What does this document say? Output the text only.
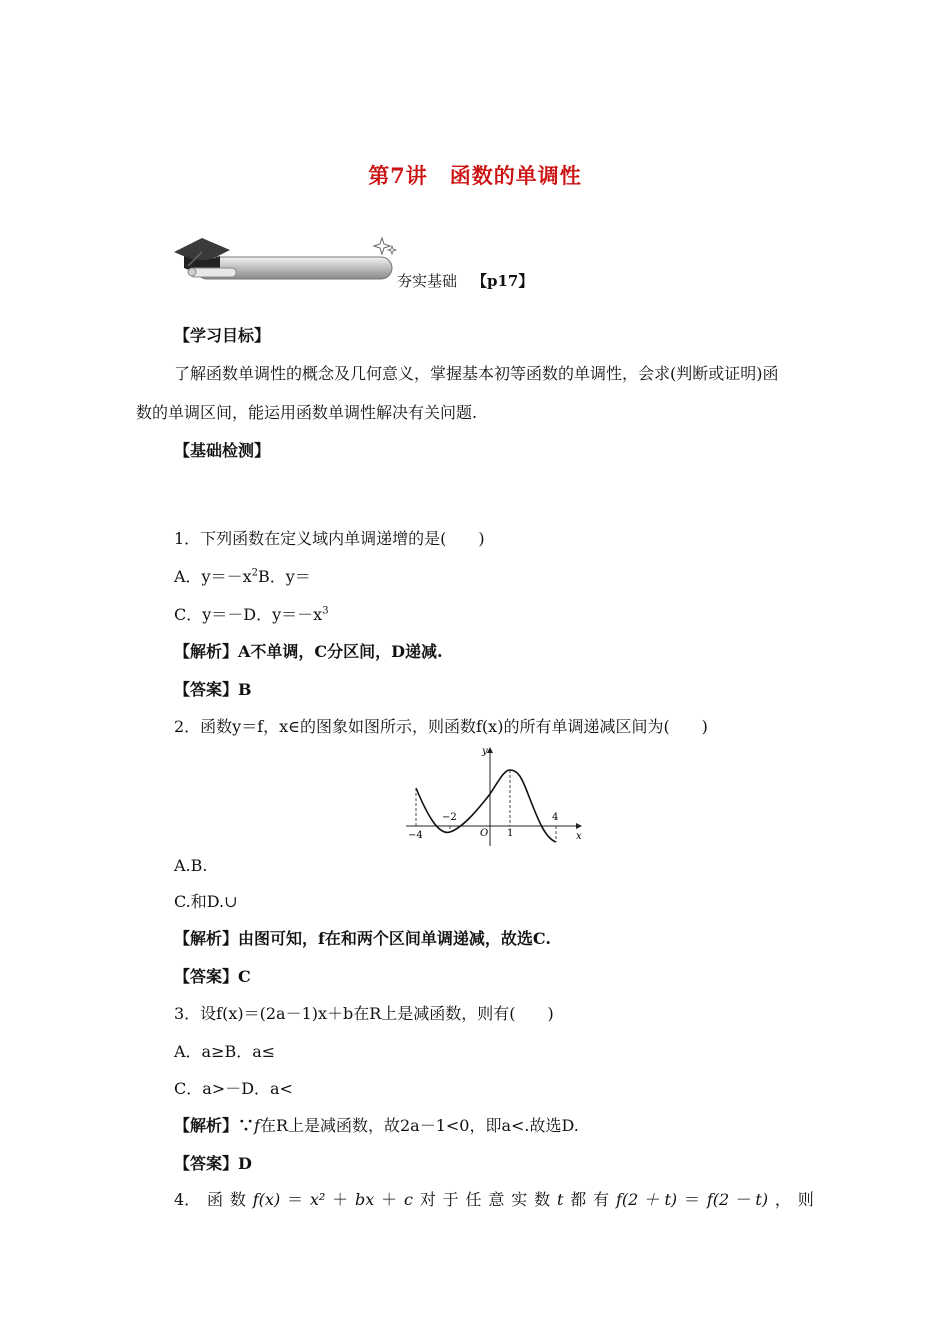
第7讲　函数的单调性
夯实基础 【p17】
【学习目标】
了解函数单调性的概念及几何意义，掌握基本初等函数的单调性，会求(判断或证明)函
数的单调区间，能运用函数单调性解决有关问题.
【基础检测】
1．下列函数在定义域内单调递增的是(　　)
A．$y=-x^2B$．y＝
C．y＝－D．$y=-x^3$
【解析】A不单调，C分区间，D递减.
【答案】B
2．函数y＝f，x∈的图象如图所示，则函数f(x)的所有单调递减区间为(　　)
y
x
O
−4
−2
1
4
A.B.
C.和D.∪
【解析】由图可知，f在和两个区间单调递减，故选C.
【答案】C
3．设f(x)＝(2a－1)x＋b在R上是减函数，则有(　　)
A．a≥B．a≤
C．a>－D．a<
【解析】∵f在R上是减函数，故2a－1<0，即a<.故选D.
【答案】D
4． 函 数 f(x) ＝ x² ＋ bx ＋ c 对 于 任 意 实 数 t 都 有 f(2 ＋ t) ＝ f(2 － t) ， 则
